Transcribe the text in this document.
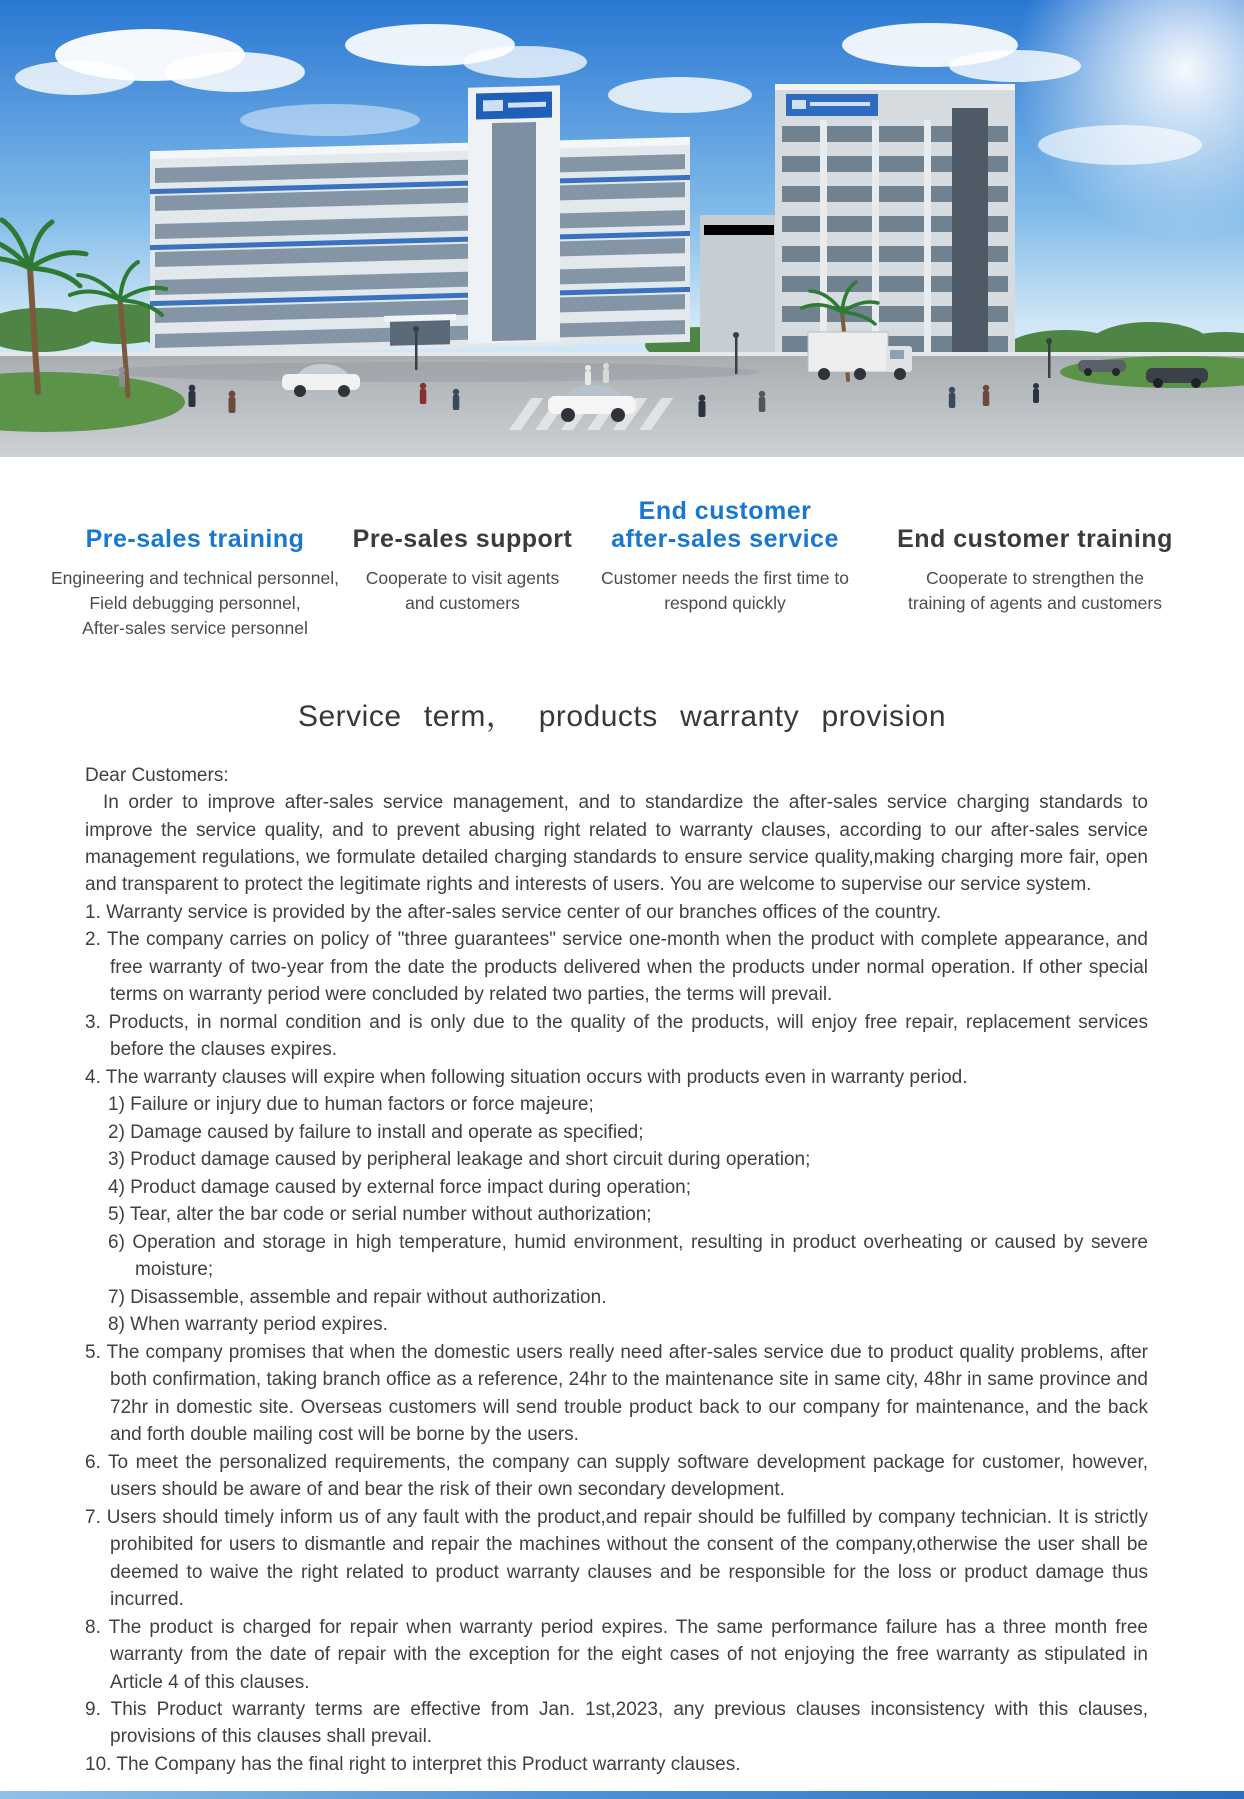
Pre-sales training
Engineering and technical personnel,
Field debugging personnel,
After-sales service personnel
Pre-sales support
Cooperate to visit agents
and customers
End customer
after-sales service
Customer needs the first time to
respond quickly
End customer training
Cooperate to strengthen the
training of agents and customers
Service term， products warranty provision
Dear Customers:
In order to improve after-sales service management, and to standardize the after-sales service charging standards to improve the service quality, and to prevent abusing right related to warranty clauses, according to our after-sales service management regulations, we formulate detailed charging standards to ensure service quality,making charging more fair, open and transparent to protect the legitimate rights and interests of users. You are welcome to supervise our service system.
1. Warranty service is provided by the after-sales service center of our branches offices of the country.
2. The company carries on policy of "three guarantees" service one-month when the product with complete appearance, and free warranty of two-year from the date the products delivered when the products under normal operation. If other special terms on warranty period were concluded by related two parties, the terms will prevail.
3. Products, in normal condition and is only due to the quality of the products, will enjoy free repair, replacement services before the clauses expires.
4. The warranty clauses will expire when following situation occurs with products even in warranty period.
1) Failure or injury due to human factors or force majeure;
2) Damage caused by failure to install and operate as specified;
3) Product damage caused by peripheral leakage and short circuit during operation;
4) Product damage caused by external force impact during operation;
5) Tear, alter the bar code or serial number without authorization;
6) Operation and storage in high temperature, humid environment, resulting in product overheating or caused by severe moisture;
7) Disassemble, assemble and repair without authorization.
8) When warranty period expires.
5. The company promises that when the domestic users really need after-sales service due to product quality problems, after both confirmation, taking branch office as a reference, 24hr to the maintenance site in same city, 48hr in same province and 72hr in domestic site. Overseas customers will send trouble product back to our company for maintenance, and the back and forth double mailing cost will be borne by the users.
6. To meet the personalized requirements, the company can supply software development package for customer, however, users should be aware of and bear the risk of their own secondary development.
7. Users should timely inform us of any fault with the product,and repair should be fulfilled by company technician. It is strictly prohibited for users to dismantle and repair the machines without the consent of the company,otherwise the user shall be deemed to waive the right related to product warranty clauses and be responsible for the loss or product damage thus incurred.
8. The product is charged for repair when warranty period expires. The same performance failure has a three month free warranty from the date of repair with the exception for the eight cases of not enjoying the free warranty as stipulated in Article 4 of this clauses.
9. This Product warranty terms are effective from Jan. 1st,2023, any previous clauses inconsistency with this clauses, provisions of this clauses shall prevail.
10. The Company has the final right to interpret this Product warranty clauses.
